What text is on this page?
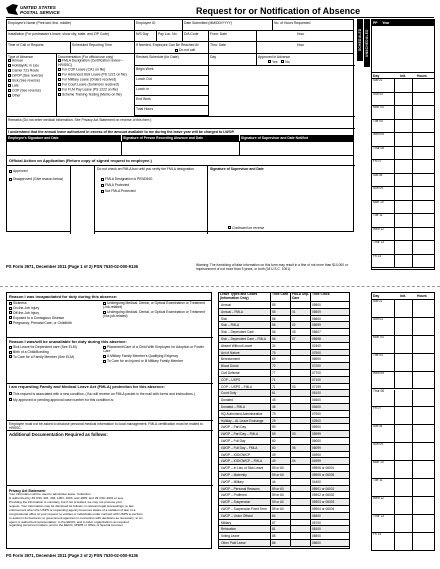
UNITED STATES
POSTAL SERVICE	Request for or Notification of Absence
Employee's Name (Print last, first, middle)	Employee ID	Date Submitted (MM/DD/YYYY)	No. of Hours Requested
Installation (For postmaster's leave, show city, state, and ZIP Code)	N/S Day	Pay Loc. No.	D/A Code	From: Date	Hour
Time of Call or Request	Scheduled Reporting Time	If Needed, Employee Can Be Reached At:
Do not call
Thru: Date	Hour
Type of Absence
Annual
Holiday/AL in Lieu
Carrier 721 Route
LWOP (See reverse)
Sick (See reverse)
Late
COP (See reverse)
Other
Documentation (For official use only)
FMLA Designation (Certification review – HR/SSC)
For COP Leave (CA1 on file)
For Advanced Sick Leave (PS 1221 on file)
For Military Leave (Orders received)
For Court Leave (Summons received)
For FLM Pay Leave (PS 1222 on file)
Scheme Training Testing (Memo on file)
Revised Schedule (for Date)	Day	Approved in Advance
Yes No
Begin Work
Lunch Out
Lunch In
End Work
Total Hours
Remarks (Do not enter medical information. See Privacy Act Statement on reverse of this form.)
I understand that the annual leave authorized in excess of the amount available to me during the leave year will be charged to LWOP.
Employee's Signature and Date	Signature of Person Recording Absence and Date	Signature of Supervisor and Date Notified
Official Action on Application (Return copy of signed request to employee.)
Approved
Disapproved (Give reason below)
Do not check an FMLA box until you verify the FMLA designation.
FMLA Designation is PENDING
FMLA Protected
Not FMLA Protected
Signature of Supervisor and Date
Continued on reverse
SCHEDULED UNSCHEDULED
PP Year
Day	Init.	Hours
Sat 01
Sun 02
Mon 03
Tue 04
Wed 05
Thur 06
Fri 07
Sat 08
Sun 09
Mon 10
Tue 11
Wed 12
Thur 13
Fri 14
PS Form 3971, December 2011 (Page 1 of 2) PSN 7530-02-000-9136	Warning: The furnishing of false information on this form may result in a fine of not more than $10,000 or imprisonment of not more than 5 years, or both (18 U.S.C. 1001).
Reason I was incapacitated for duty during this absence:
Sickness
On-the-Job Injury
Off-the-Job Injury
Exposed to a Contagious Disease
Pregnancy, Prenatal Care, or Childbirth
Undergoing Medical, Dental, or Optical Examination or Treatment (Job-related)
Undergoing Medical, Dental, or Optical Examination or Treatment (Not job-related)
Reason I was/will be unavailable for duty during this absence:
Sick Leave for Dependent care (See ELM)
Birth of a Child/Bonding
To Care for a Family Member (See ELM)
Placement/Care of a Child With Employee for Adoption or Foster Care
A Military Family Member's Qualifying Exigency
To Care for an Injured or Ill Military Family Member
I am requesting Family and Medical Leave Act (FMLA) protection for this absence:
This request is associated with a new condition. (You will receive an FMLA packet in the mail with forms and instructions.)
My approved or pending approval case number for this condition is:
Employee must not be asked to disclose personal medical information to local management. FMLA certification must be mailed to HRSSC.
Additional Documentation Required as follows:
Privacy Act Statement:
Your information will be used to administer leave. Collection
is authorized by 39 USC 401, 404, 1001, 1003, and 1005; and 29 USC 2601 et seq.
Providing the information is voluntary, but if not provided, we may not process your
request. Your information may be disclosed as follows: in relevant legal proceedings; to law
enforcement when the USPS or requesting agency becomes aware of a violation of law; to a
congressional office at your request; to entities or individuals under contract with USPS to perform
or assist in its business; to government agencies in connection with decisions as necessary; to an
agent or authorized representative; to the EEOC; and to labor organizations as required
regarding personnel matters; and to the EEOC, MSPB or Office of Special Counsel.
PS Form 3971, December 2011 (Page 2 of 2) PSN 7530-02-000-9136
Leave Types and Codes (Information Only)
Time Card	FMLA Dep. Care
Time Clock
Annual	55	05500
Annual – FMLA	55	01	05509
Sick	56	05600
Sick – FMLA	56	02	05699
Sick – Dependent Care	56	05	05607
Sick – Dependent Care – FMLA	56	07	05698
Absent Without Leave	24	02400
Act of Nature	75	07500
Bereavement	69	06900
Blood Donor	72	07200
Civil Defense	77	07700
COP – USPS	71	07100
COP – USPS – FMLA	71	03	07199
Court Duty	61	06100
Donated	45	04500
Donated – FMLA	46	04600
HQ Authorized Administrative	79	07900
Holiday – AL Leave Exchange	25	02500
LWOP – Part Day	59	05900
LWOP – Part Day – FMLA	59	03	05999
LWOP – Full Day	60	06000
LWOP – Full Day – FMLA	60	06	06099
LWOP – IOD/OWCP	49	04900
LWOP – IOD/OWCP – FMLA	49	04	04999
LWOP – In Lieu of Sick Leave	59 or 60	05906 or 06001
LWOP – Maternity	59 or 60	05905 or 06005
LWOP – Military	44	04400
LWOP – Personal Reasons	59 or 60	05901 or 06001
LWOP – Proffered	59 or 60	05902 or 06002
LWOP – Suspension	59 or 60	05903 or 06003
LWOP – Suspension Fixed Term	59 or 60	05904 or 06004
LWOP – Union Official	84	08400
Military	67	06700
Relocation	81	08100
Voting Leave	85	08500
Other Paid Leave	86	08600
Day	Init.	Hours
Sat 01
Sun 02
Mon 03
Tue 04
Wed 05
Thur 06
Fri 07
Sat 08
Sun 09
Mon 10
Tue 11
Wed 12
Thur 13
Fri 14
